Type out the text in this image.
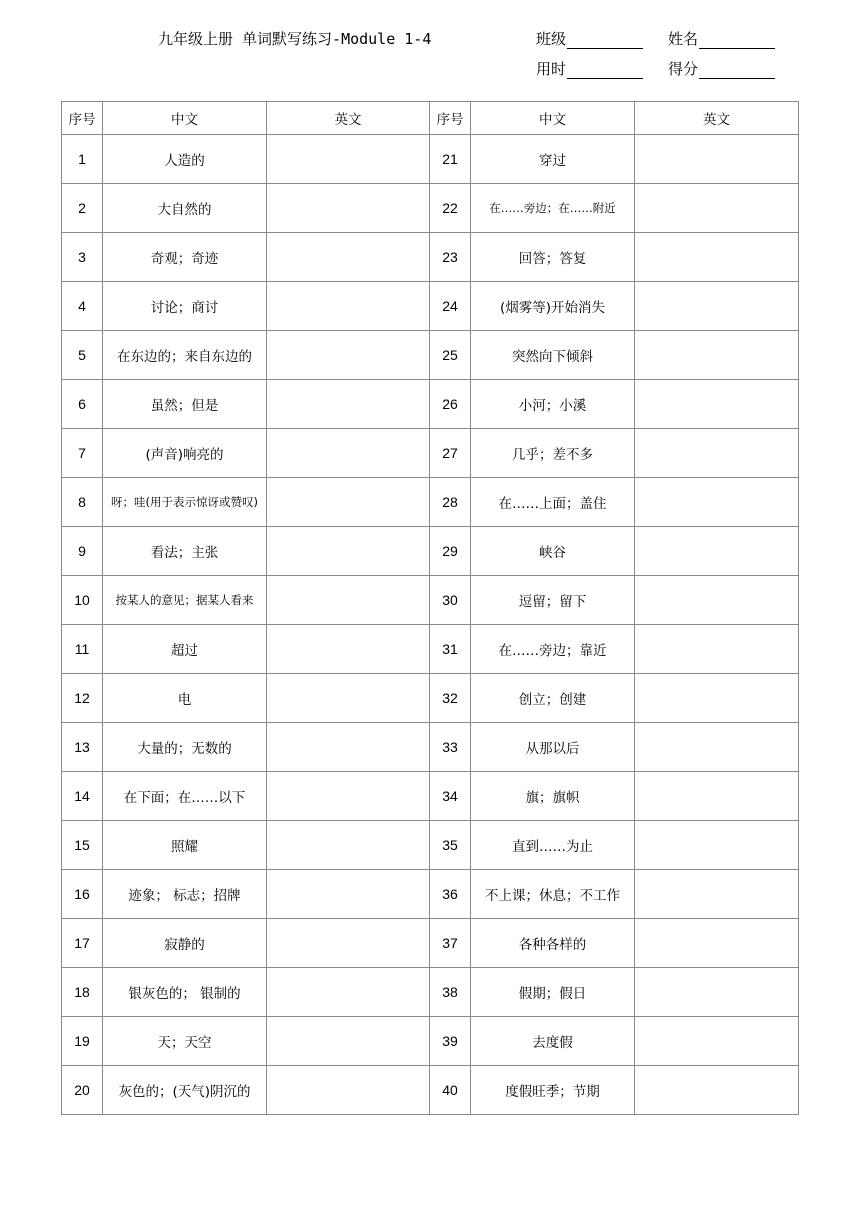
九年级上册 单词默写练习-Module 1-4	班级	姓名
用时	得分
序号	中文	英文	序号	中文	英文
1	人造的		21	穿过	
2	大自然的		22	在……旁边；在……附近	
3	奇观；奇迹		23	回答；答复	
4	讨论；商讨		24	(烟雾等)开始消失	
5	在东边的；来自东边的		25	突然向下倾斜	
6	虽然；但是		26	小河；小溪	
7	(声音)响亮的		27	几乎；差不多	
8	呀；哇(用于表示惊讶或赞叹)		28	在……上面；盖住	
9	看法；主张		29	峡谷	
10	按某人的意见；据某人看来		30	逗留；留下	
11	超过		31	在……旁边；靠近	
12	电		32	创立；创建	
13	大量的；无数的		33	从那以后	
14	在下面；在……以下		34	旗；旗帜	
15	照耀		35	直到……为止	
16	迹象； 标志；招牌		36	不上课；休息；不工作	
17	寂静的		37	各种各样的	
18	银灰色的； 银制的		38	假期；假日	
19	天；天空		39	去度假	
20	灰色的；(天气)阴沉的		40	度假旺季；节期	
